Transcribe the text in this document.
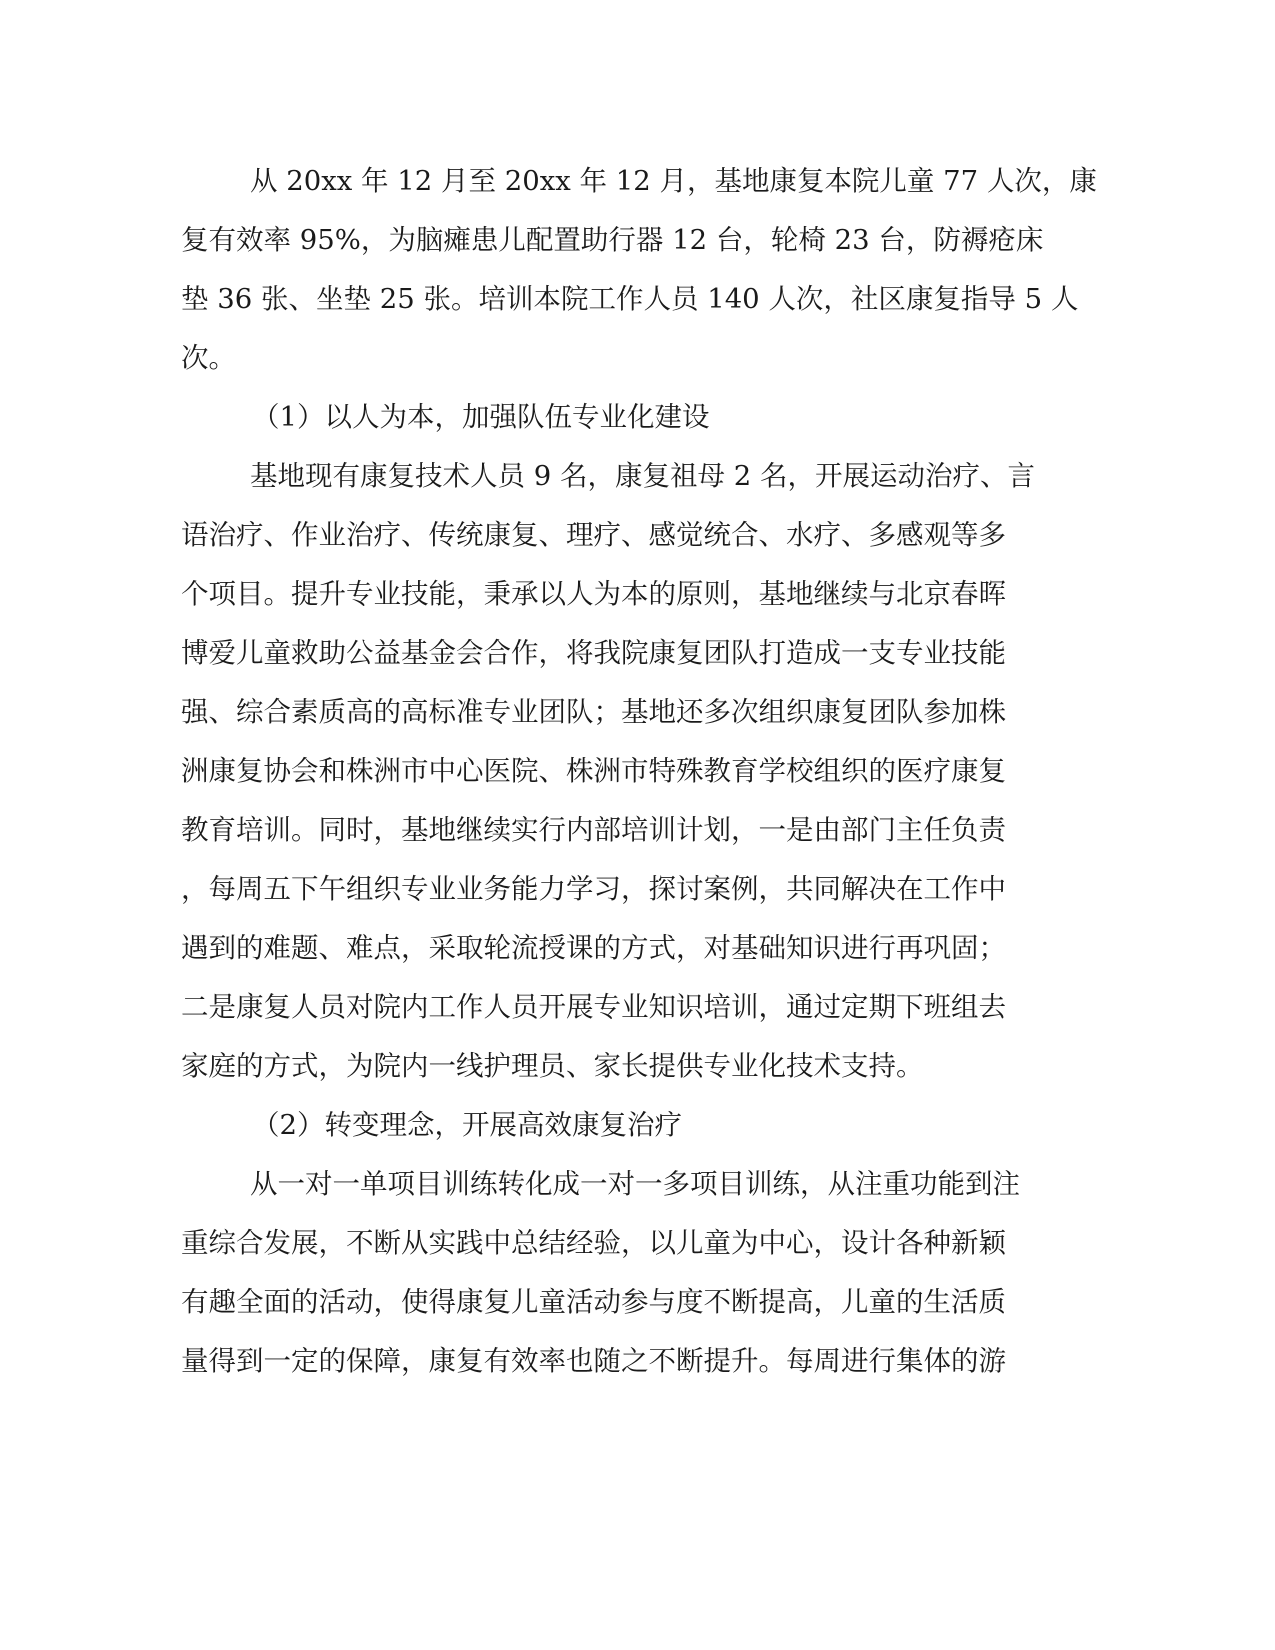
从 20xx 年 12 月至 20xx 年 12 月，基地康复本院儿童 77 人次，康
复有效率 95%，为脑瘫患儿配置助行器 12 台，轮椅 23 台，防褥疮床
垫 36 张、坐垫 25 张。培训本院工作人员 140 人次，社区康复指导 5 人
次。
（1）以人为本，加强队伍专业化建设
基地现有康复技术人员 9 名，康复祖母 2 名，开展运动治疗、言
语治疗、作业治疗、传统康复、理疗、感觉统合、水疗、多感观等多
个项目。提升专业技能，秉承以人为本的原则，基地继续与北京春晖
博爱儿童救助公益基金会合作，将我院康复团队打造成一支专业技能
强、综合素质高的高标准专业团队；基地还多次组织康复团队参加株
洲康复协会和株洲市中心医院、株洲市特殊教育学校组织的医疗康复
教育培训。同时，基地继续实行内部培训计划，一是由部门主任负责
，每周五下午组织专业业务能力学习，探讨案例，共同解决在工作中
遇到的难题、难点，采取轮流授课的方式，对基础知识进行再巩固；
二是康复人员对院内工作人员开展专业知识培训，通过定期下班组去
家庭的方式，为院内一线护理员、家长提供专业化技术支持。
（2）转变理念，开展高效康复治疗
从一对一单项目训练转化成一对一多项目训练，从注重功能到注
重综合发展，不断从实践中总结经验，以儿童为中心，设计各种新颖
有趣全面的活动，使得康复儿童活动参与度不断提高，儿童的生活质
量得到一定的保障，康复有效率也随之不断提升。每周进行集体的游
